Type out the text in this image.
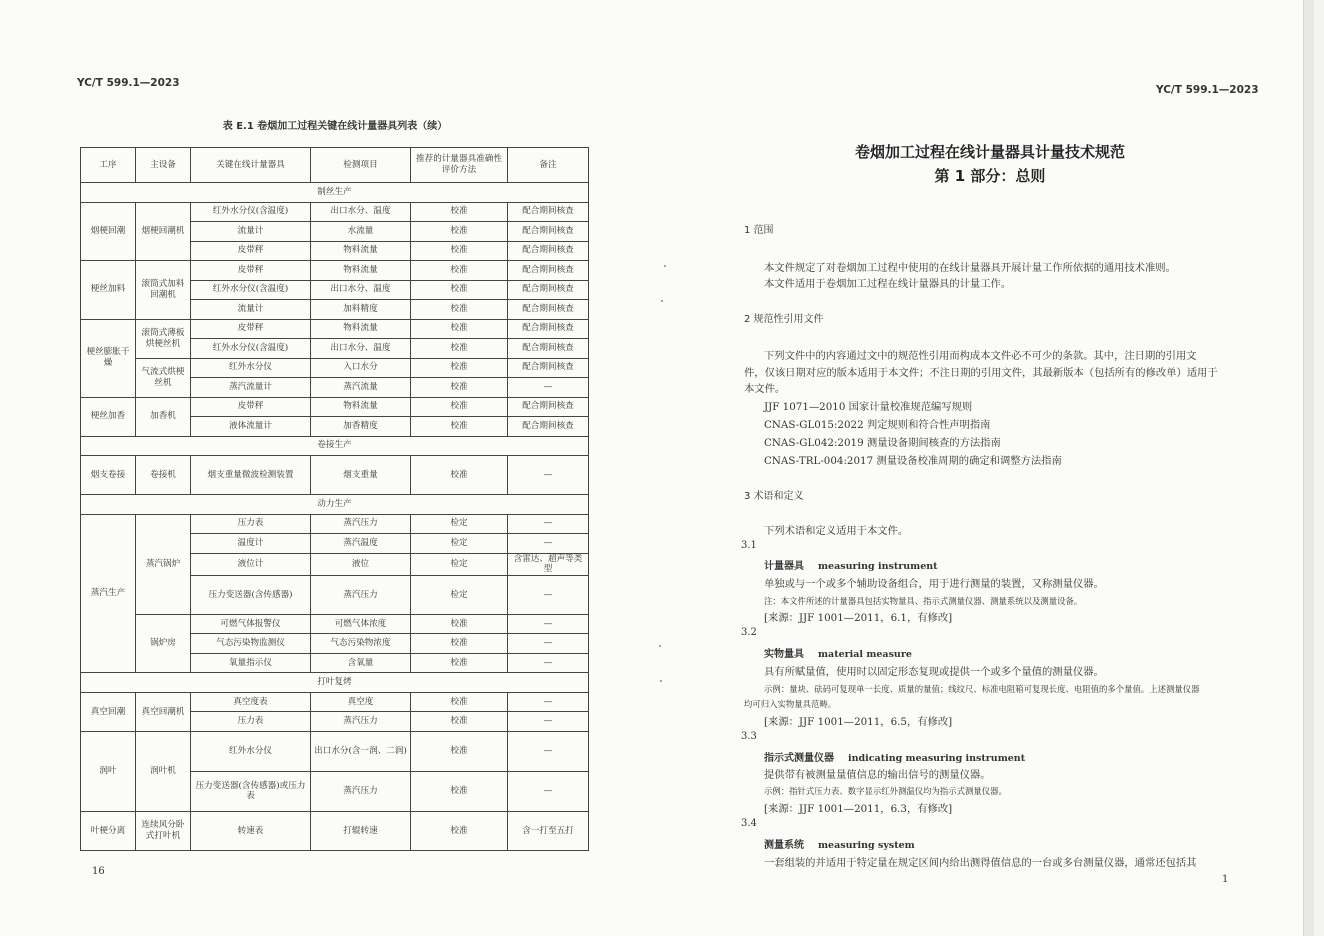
YC/T 599.1—2023
表 E.1 卷烟加工过程关键在线计量器具列表（续）
工序	主设备	关键在线计量器具	检测项目	推荐的计量器具准确性评价方法	备注
制丝生产					
烟梗回潮	烟梗回潮机	红外水分仪(含温度)	出口水分、温度	校准	配合期间核查
		流量计	水流量	校准	配合期间核查
		皮带秤	物料流量	校准	配合期间核查
梗丝加料	滚筒式加料回潮机	皮带秤	物料流量	校准	配合期间核查
		红外水分仪(含温度)	出口水分、温度	校准	配合期间核查
		流量计	加料精度	校准	配合期间核查
梗丝膨胀干燥	滚筒式薄板烘梗丝机	皮带秤	物料流量	校准	配合期间核查
		红外水分仪(含温度)	出口水分、温度	校准	配合期间核查
	气流式烘梗丝机	红外水分仪	入口水分	校准	配合期间核查
		蒸汽流量计	蒸汽流量	校准	—
梗丝加香	加香机	皮带秤	物料流量	校准	配合期间核查
		液体流量计	加香精度	校准	配合期间核查
卷接生产					
烟支卷接	卷接机	烟支重量微波检测装置	烟支重量	校准	—
动力生产					
蒸汽生产	蒸汽锅炉	压力表	蒸汽压力	检定	—
		温度计	蒸汽温度	检定	—
		液位计	液位	检定	含雷达、超声等类型
		压力变送器(含传感器)	蒸汽压力	检定	—
	锅炉房	可燃气体报警仪	可燃气体浓度	校准	—
		气态污染物监测仪	气态污染物浓度	校准	—
		氧量指示仪	含氧量	校准	—
打叶复烤					
真空回潮	真空回潮机	真空度表	真空度	校准	—
		压力表	蒸汽压力	校准	—
润叶	润叶机	红外水分仪	出口水分(含一润、二润)	校准	—
		压力变送器(含传感器)或压力表	蒸汽压力	校准	—
叶梗分离	连续风分卧式打叶机	转速表	打辊转速	校准	含一打至五打
16
YC/T 599.1—2023
卷烟加工过程在线计量器具计量技术规范
第 1 部分：总则
1 范围
本文件规定了对卷烟加工过程中使用的在线计量器具开展计量工作所依据的通用技术准则。
本文件适用于卷烟加工过程在线计量器具的计量工作。
2 规范性引用文件
下列文件中的内容通过文中的规范性引用而构成本文件必不可少的条款。其中，注日期的引用文
件，仅该日期对应的版本适用于本文件；不注日期的引用文件，其最新版本（包括所有的修改单）适用于
本文件。
JJF 1071—2010 国家计量校准规范编写规则
CNAS-GL015:2022 判定规则和符合性声明指南
CNAS-GL042:2019 测量设备期间核查的方法指南
CNAS-TRL-004:2017 测量设备校准周期的确定和调整方法指南
3 术语和定义
下列术语和定义适用于本文件。
3.1
计量器具 measuring instrument
单独或与一个或多个辅助设备组合，用于进行测量的装置，又称测量仪器。
注：本文件所述的计量器具包括实物量具、指示式测量仪器、测量系统以及测量设备。
[来源：JJF 1001—2011，6.1，有修改]
3.2
实物量具 material measure
具有所赋量值，使用时以固定形态复现或提供一个或多个量值的测量仪器。
示例：量块、砝码可复现单一长度、质量的量值；线纹尺、标准电阻箱可复现长度、电阻值的多个量值。上述测量仪器
均可归入实物量具范畴。
[来源：JJF 1001—2011，6.5，有修改]
3.3
指示式测量仪器 indicating measuring instrument
提供带有被测量量值信息的输出信号的测量仪器。
示例：指针式压力表、数字显示红外测温仪均为指示式测量仪器。
[来源：JJF 1001—2011，6.3，有修改]
3.4
测量系统 measuring system
一套组装的并适用于特定量在规定区间内给出测得值信息的一台或多台测量仪器，通常还包括其
1
